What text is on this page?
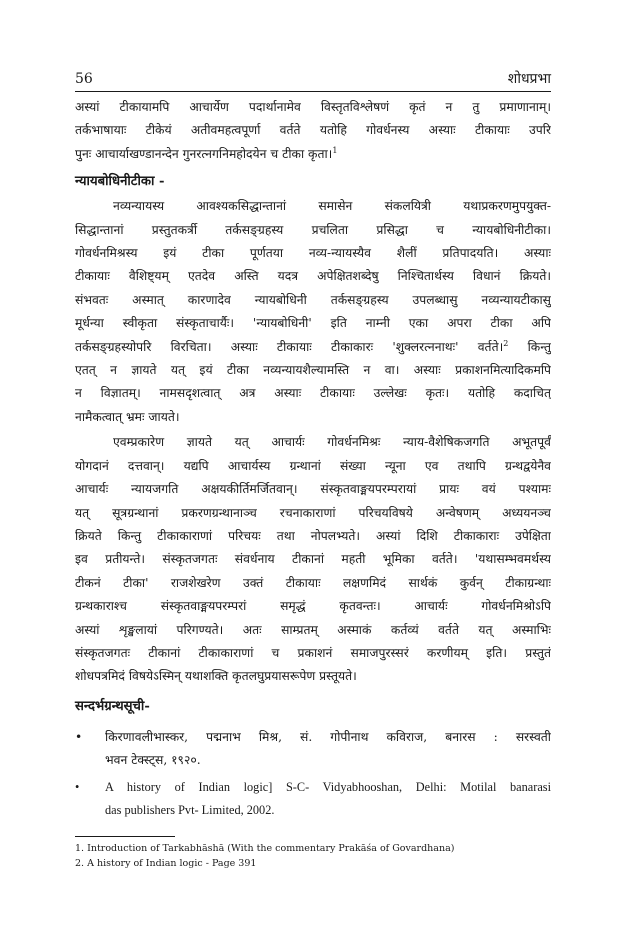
56	शोधप्रभा
अस्यां टीकायामपि आचार्येण पदार्थानामेव विस्तृतविश्लेषणं कृतं न तु प्रमाणानाम्।
तर्कभाषायाः टीकेयं अतीवमहत्वपूर्णा वर्तते यतोहि गोवर्धनस्य अस्याः टीकायाः उपरि
पुनः आचार्याखण्डानन्देन गुनरत्नगनिमहोदयेन च टीका कृता।$^1$
न्यायबोधिनीटीका -
नव्यन्यायस्य आवश्यकसिद्धान्तानां समासेन संकलयित्री यथाप्रकरणमुपयुक्त-
सिद्धान्तानां प्रस्तुतकर्त्री तर्कसङ्ग्रहस्य प्रचलिता प्रसिद्धा च न्यायबोधिनीटीका।
गोवर्धनमिश्रस्य इयं टीका पूर्णतया नव्य-न्यायस्यैव शैलीं प्रतिपादयति। अस्याः
टीकायाः वैशिष्ट्यम् एतदेव अस्ति यदत्र अपेक्षितशब्देषु निश्चितार्थस्य विधानं क्रियते।
संभवतः अस्मात् कारणादेव न्यायबोधिनी तर्कसङ्ग्रहस्य उपलब्धासु नव्यन्यायटीकासु
मूर्धन्या स्वीकृता संस्कृताचार्यैः। 'न्यायबोधिनी' इति नाम्नी एका अपरा टीका अपि
तर्कसङ्ग्रहस्योपरि विरचिता। अस्याः टीकायाः टीकाकारः 'शुक्लरत्ननाथः' वर्तते।$^2$ किन्तु
एतत् न ज्ञायते यत् इयं टीका नव्यन्यायशैल्यामस्ति न वा। अस्याः प्रकाशनमित्यादिकमपि
न विज्ञातम्। नामसदृशत्वात् अत्र अस्याः टीकायाः उल्लेखः कृतः। यतोहि कदाचित्
नामैकत्वात् भ्रमः जायते।
एवम्प्रकारेण ज्ञायते यत् आचार्यः गोवर्धनमिश्रः न्याय-वैशेषिकजगति अभूतपूर्वं
योगदानं दत्तवान्। यद्यपि आचार्यस्य ग्रन्थानां संख्या न्यूना एव तथापि ग्रन्थद्वयेनैव
आचार्यः न्यायजगति अक्षयकीर्तिमर्जितवान्। संस्कृतवाङ्मयपरम्परायां प्रायः वयं पश्यामः
यत् सूत्रग्रन्थानां प्रकरणग्रन्थानाञ्च रचनाकाराणां परिचयविषये अन्वेषणम् अध्ययनञ्च
क्रियते किन्तु टीकाकाराणां परिचयः तथा नोपलभ्यते। अस्यां दिशि टीकाकाराः उपेक्षिता
इव प्रतीयन्ते। संस्कृतजगतः संवर्धनाय टीकानां महती भूमिका वर्तते। 'यथासम्भवमर्थस्य
टीकनं टीका' राजशेखरेण उक्तं टीकायाः लक्षणमिदं सार्थकं कुर्वन् टीकाग्रन्थाः
ग्रन्थकाराश्च संस्कृतवाङ्मयपरम्परां समृद्धं कृतवन्तः। आचार्यः गोवर्धनमिश्रोऽपि
अस्यां शृङ्खलायां परिगण्यते। अतः साम्प्रतम् अस्माकं कर्तव्यं वर्तते यत् अस्माभिः
संस्कृतजगतः टीकानां टीकाकाराणां च प्रकाशनं समाजपुरस्सरं करणीयम् इति। प्रस्तुतं
शोधपत्रमिदं विषयेऽस्मिन् यथाशक्ति कृतलघुप्रयासरूपेण प्रस्तूयते।
सन्दर्भग्रन्थसूची-
• किरणावलीभास्कर, पद्मनाभ मिश्र, सं. गोपीनाथ कविराज, बनारस : सरस्वती
भवन टेक्स्ट्स, १९२०.
• A history of Indian logic] S-C- Vidyabhooshan, Delhi: Motilal banarasi
das publishers Pvt- Limited, 2002.
1. Introduction of Tarkabhāshā (With the commentary Prakāśa of Govardhana)
2. A history of Indian logic - Page 391
